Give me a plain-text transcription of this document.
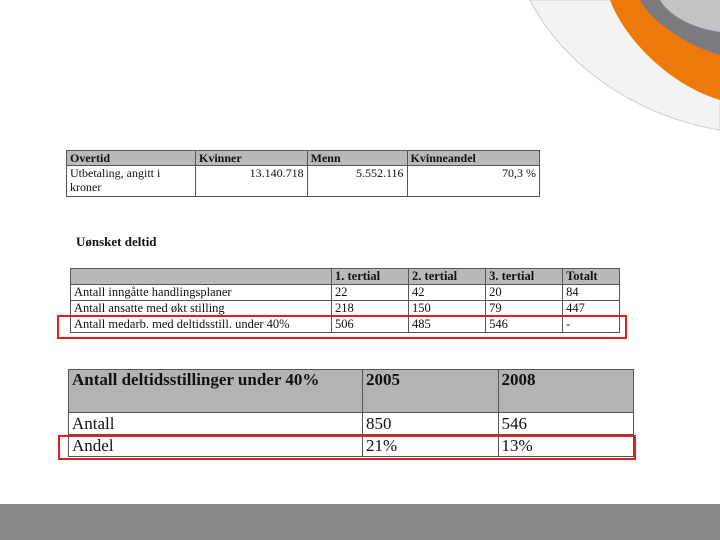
Overtid	Kvinner	Menn	Kvinneandel
Utbetaling, angitt i kroner	13.140.718	5.552.116	70,3 %
Uønsket deltid
	1. tertial	2. tertial	3. tertial	Totalt
Antall inngåtte handlingsplaner	22	42	20	84
Antall ansatte med økt stilling	218	150	79	447
Antall medarb. med deltidsstill. under 40%	506	485	546	-
Antall deltidsstillinger under 40%	2005	2008
Antall	850	546
Andel	21%	13%
